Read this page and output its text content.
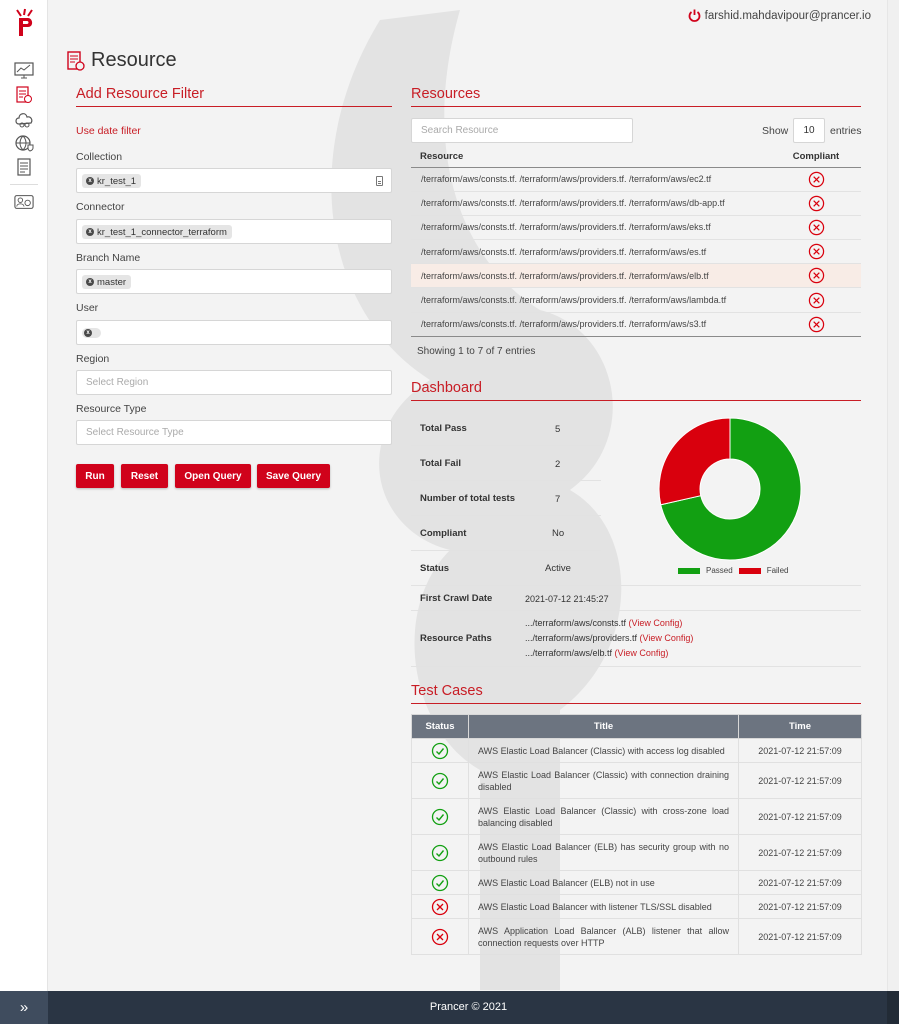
farshid.mahdavipour@prancer.io
Resource
Add Resource Filter
Use date filter
Collection
x kr_test_1
Connector
x kr_test_1_connector_terraform
Branch Name
x master
User
x
Region
Select Region
Resource Type
Select Resource Type
Run	Reset	Open Query	Save Query
Resources
Search Resource	Show	10	entries
Resource	Compliant
/terraform/aws/consts.tf. /terraform/aws/providers.tf. /terraform/aws/ec2.tf	
/terraform/aws/consts.tf. /terraform/aws/providers.tf. /terraform/aws/db-app.tf	
/terraform/aws/consts.tf. /terraform/aws/providers.tf. /terraform/aws/eks.tf	
/terraform/aws/consts.tf. /terraform/aws/providers.tf. /terraform/aws/es.tf	
/terraform/aws/consts.tf. /terraform/aws/providers.tf. /terraform/aws/elb.tf	
/terraform/aws/consts.tf. /terraform/aws/providers.tf. /terraform/aws/lambda.tf	
/terraform/aws/consts.tf. /terraform/aws/providers.tf. /terraform/aws/s3.tf	
Showing 1 to 7 of 7 entries
Dashboard
Total Pass	5
Total Fail	2
Number of total tests	7
Compliant	No
Status	Active
First Crawl Date	2021-07-12 21:45:27
Resource Paths
.../terraform/aws/consts.tf (View Config)
.../terraform/aws/providers.tf (View Config)
.../terraform/aws/elb.tf (View Config)
Passed	Failed
Test Cases
Status	Title	Time
	AWS Elastic Load Balancer (Classic) with access log disabled	2021-07-12 21:57:09
	AWS Elastic Load Balancer (Classic) with connection draining disabled	2021-07-12 21:57:09
	AWS Elastic Load Balancer (Classic) with cross-zone load balancing disabled	2021-07-12 21:57:09
	AWS Elastic Load Balancer (ELB) has security group with no outbound rules	2021-07-12 21:57:09
	AWS Elastic Load Balancer (ELB) not in use	2021-07-12 21:57:09
	AWS Elastic Load Balancer with listener TLS/SSL disabled	2021-07-12 21:57:09
	AWS Application Load Balancer (ALB) listener that allow connection requests over HTTP	2021-07-12 21:57:09
»	Prancer © 2021
